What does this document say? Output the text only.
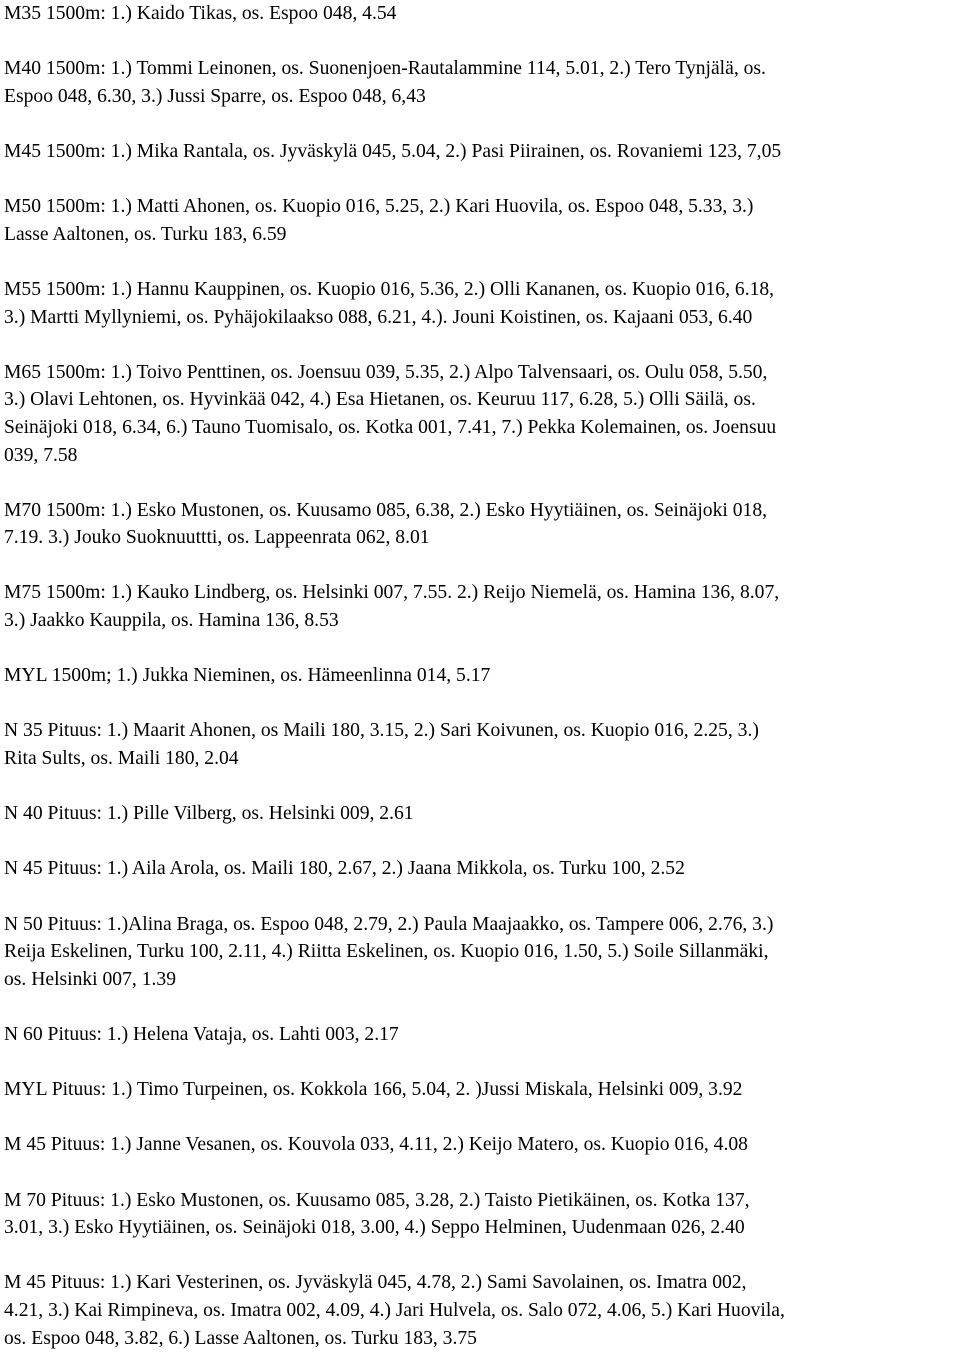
M35 1500m: 1.) Kaido Tikas, os. Espoo 048, 4.54
M40 1500m: 1.) Tommi Leinonen, os. Suonenjoen-Rautalammine 114, 5.01, 2.) Tero Tynjälä, os.
Espoo 048, 6.30, 3.) Jussi Sparre, os. Espoo 048, 6,43
M45 1500m: 1.) Mika Rantala, os. Jyväskylä 045, 5.04, 2.) Pasi Piirainen, os. Rovaniemi 123, 7,05
M50 1500m: 1.) Matti Ahonen, os. Kuopio 016, 5.25, 2.) Kari Huovila, os. Espoo 048, 5.33, 3.)
Lasse Aaltonen, os. Turku 183, 6.59
M55 1500m: 1.) Hannu Kauppinen, os. Kuopio 016, 5.36, 2.) Olli Kananen, os. Kuopio 016, 6.18,
3.) Martti Myllyniemi, os. Pyhäjokilaakso 088, 6.21, 4.). Jouni Koistinen, os. Kajaani 053, 6.40
M65 1500m: 1.) Toivo Penttinen, os. Joensuu 039, 5.35, 2.) Alpo Talvensaari, os. Oulu 058, 5.50,
3.) Olavi Lehtonen, os. Hyvinkää 042, 4.) Esa Hietanen, os. Keuruu 117, 6.28, 5.) Olli Säilä, os.
Seinäjoki 018, 6.34, 6.) Tauno Tuomisalo, os. Kotka 001, 7.41, 7.) Pekka Kolemainen, os. Joensuu
039, 7.58
M70 1500m: 1.) Esko Mustonen, os. Kuusamo 085, 6.38, 2.) Esko Hyytiäinen, os. Seinäjoki 018,
7.19. 3.) Jouko Suoknuuttti, os. Lappeenrata 062, 8.01
M75 1500m: 1.) Kauko Lindberg, os. Helsinki 007, 7.55. 2.) Reijo Niemelä, os. Hamina 136, 8.07,
3.) Jaakko Kauppila, os. Hamina 136, 8.53
MYL 1500m; 1.) Jukka Nieminen, os. Hämeenlinna 014, 5.17
N 35 Pituus: 1.) Maarit Ahonen, os Maili 180, 3.15, 2.) Sari Koivunen, os. Kuopio 016, 2.25, 3.)
Rita Sults, os. Maili 180, 2.04
N 40 Pituus: 1.) Pille Vilberg, os. Helsinki 009, 2.61
N 45 Pituus: 1.) Aila Arola, os. Maili 180, 2.67, 2.) Jaana Mikkola, os. Turku 100, 2.52
N 50 Pituus: 1.)Alina Braga, os. Espoo 048, 2.79, 2.) Paula Maajaakko, os. Tampere 006, 2.76, 3.)
Reija Eskelinen, Turku 100, 2.11, 4.) Riitta Eskelinen, os. Kuopio 016, 1.50, 5.) Soile Sillanmäki,
os. Helsinki 007, 1.39
N 60 Pituus: 1.) Helena Vataja, os. Lahti 003, 2.17
MYL Pituus: 1.) Timo Turpeinen, os. Kokkola 166, 5.04, 2. )Jussi Miskala, Helsinki 009, 3.92
M 45 Pituus: 1.) Janne Vesanen, os. Kouvola 033, 4.11, 2.) Keijo Matero, os. Kuopio 016, 4.08
M 70 Pituus: 1.) Esko Mustonen, os. Kuusamo 085, 3.28, 2.) Taisto Pietikäinen, os. Kotka 137,
3.01, 3.) Esko Hyytiäinen, os. Seinäjoki 018, 3.00, 4.) Seppo Helminen, Uudenmaan 026, 2.40
M 45 Pituus: 1.) Kari Vesterinen, os. Jyväskylä 045, 4.78, 2.) Sami Savolainen, os. Imatra 002,
4.21, 3.) Kai Rimpineva, os. Imatra 002, 4.09, 4.) Jari Hulvela, os. Salo 072, 4.06, 5.) Kari Huovila,
os. Espoo 048, 3.82, 6.) Lasse Aaltonen, os. Turku 183, 3.75
